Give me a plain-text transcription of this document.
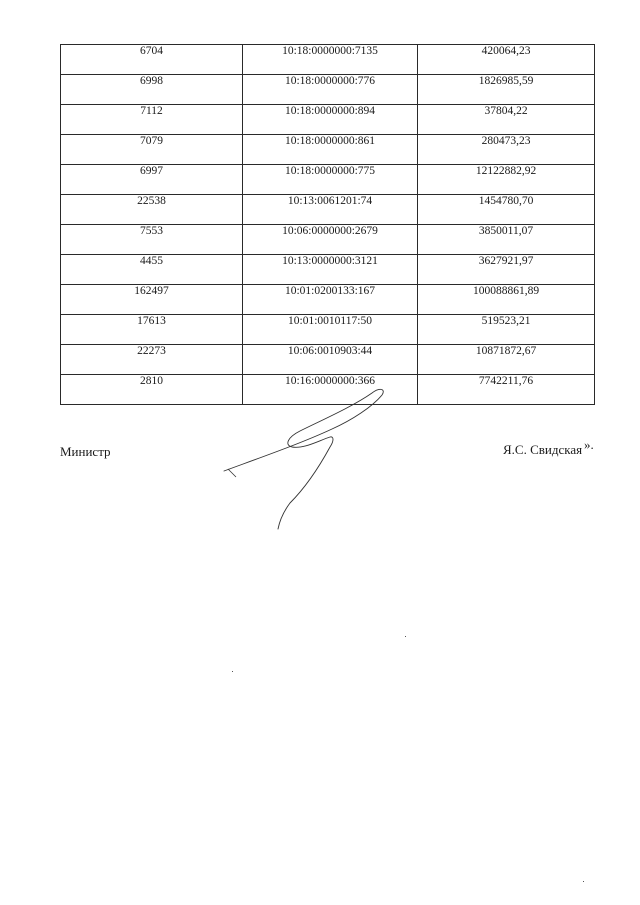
6704	10:18:0000000:7135	420064,23
6998	10:18:0000000:776	1826985,59
7112	10:18:0000000:894	37804,22
7079	10:18:0000000:861	280473,23
6997	10:18:0000000:775	12122882,92
22538	10:13:0061201:74	1454780,70
7553	10:06:0000000:2679	3850011,07
4455	10:13:0000000:3121	3627921,97
162497	10:01:0200133:167	100088861,89
17613	10:01:0010117:50	519523,21
22273	10:06:0010903:44	10871872,67
2810	10:16:0000000:366	7742211,76
».
Министр	Я.С. Свидская
